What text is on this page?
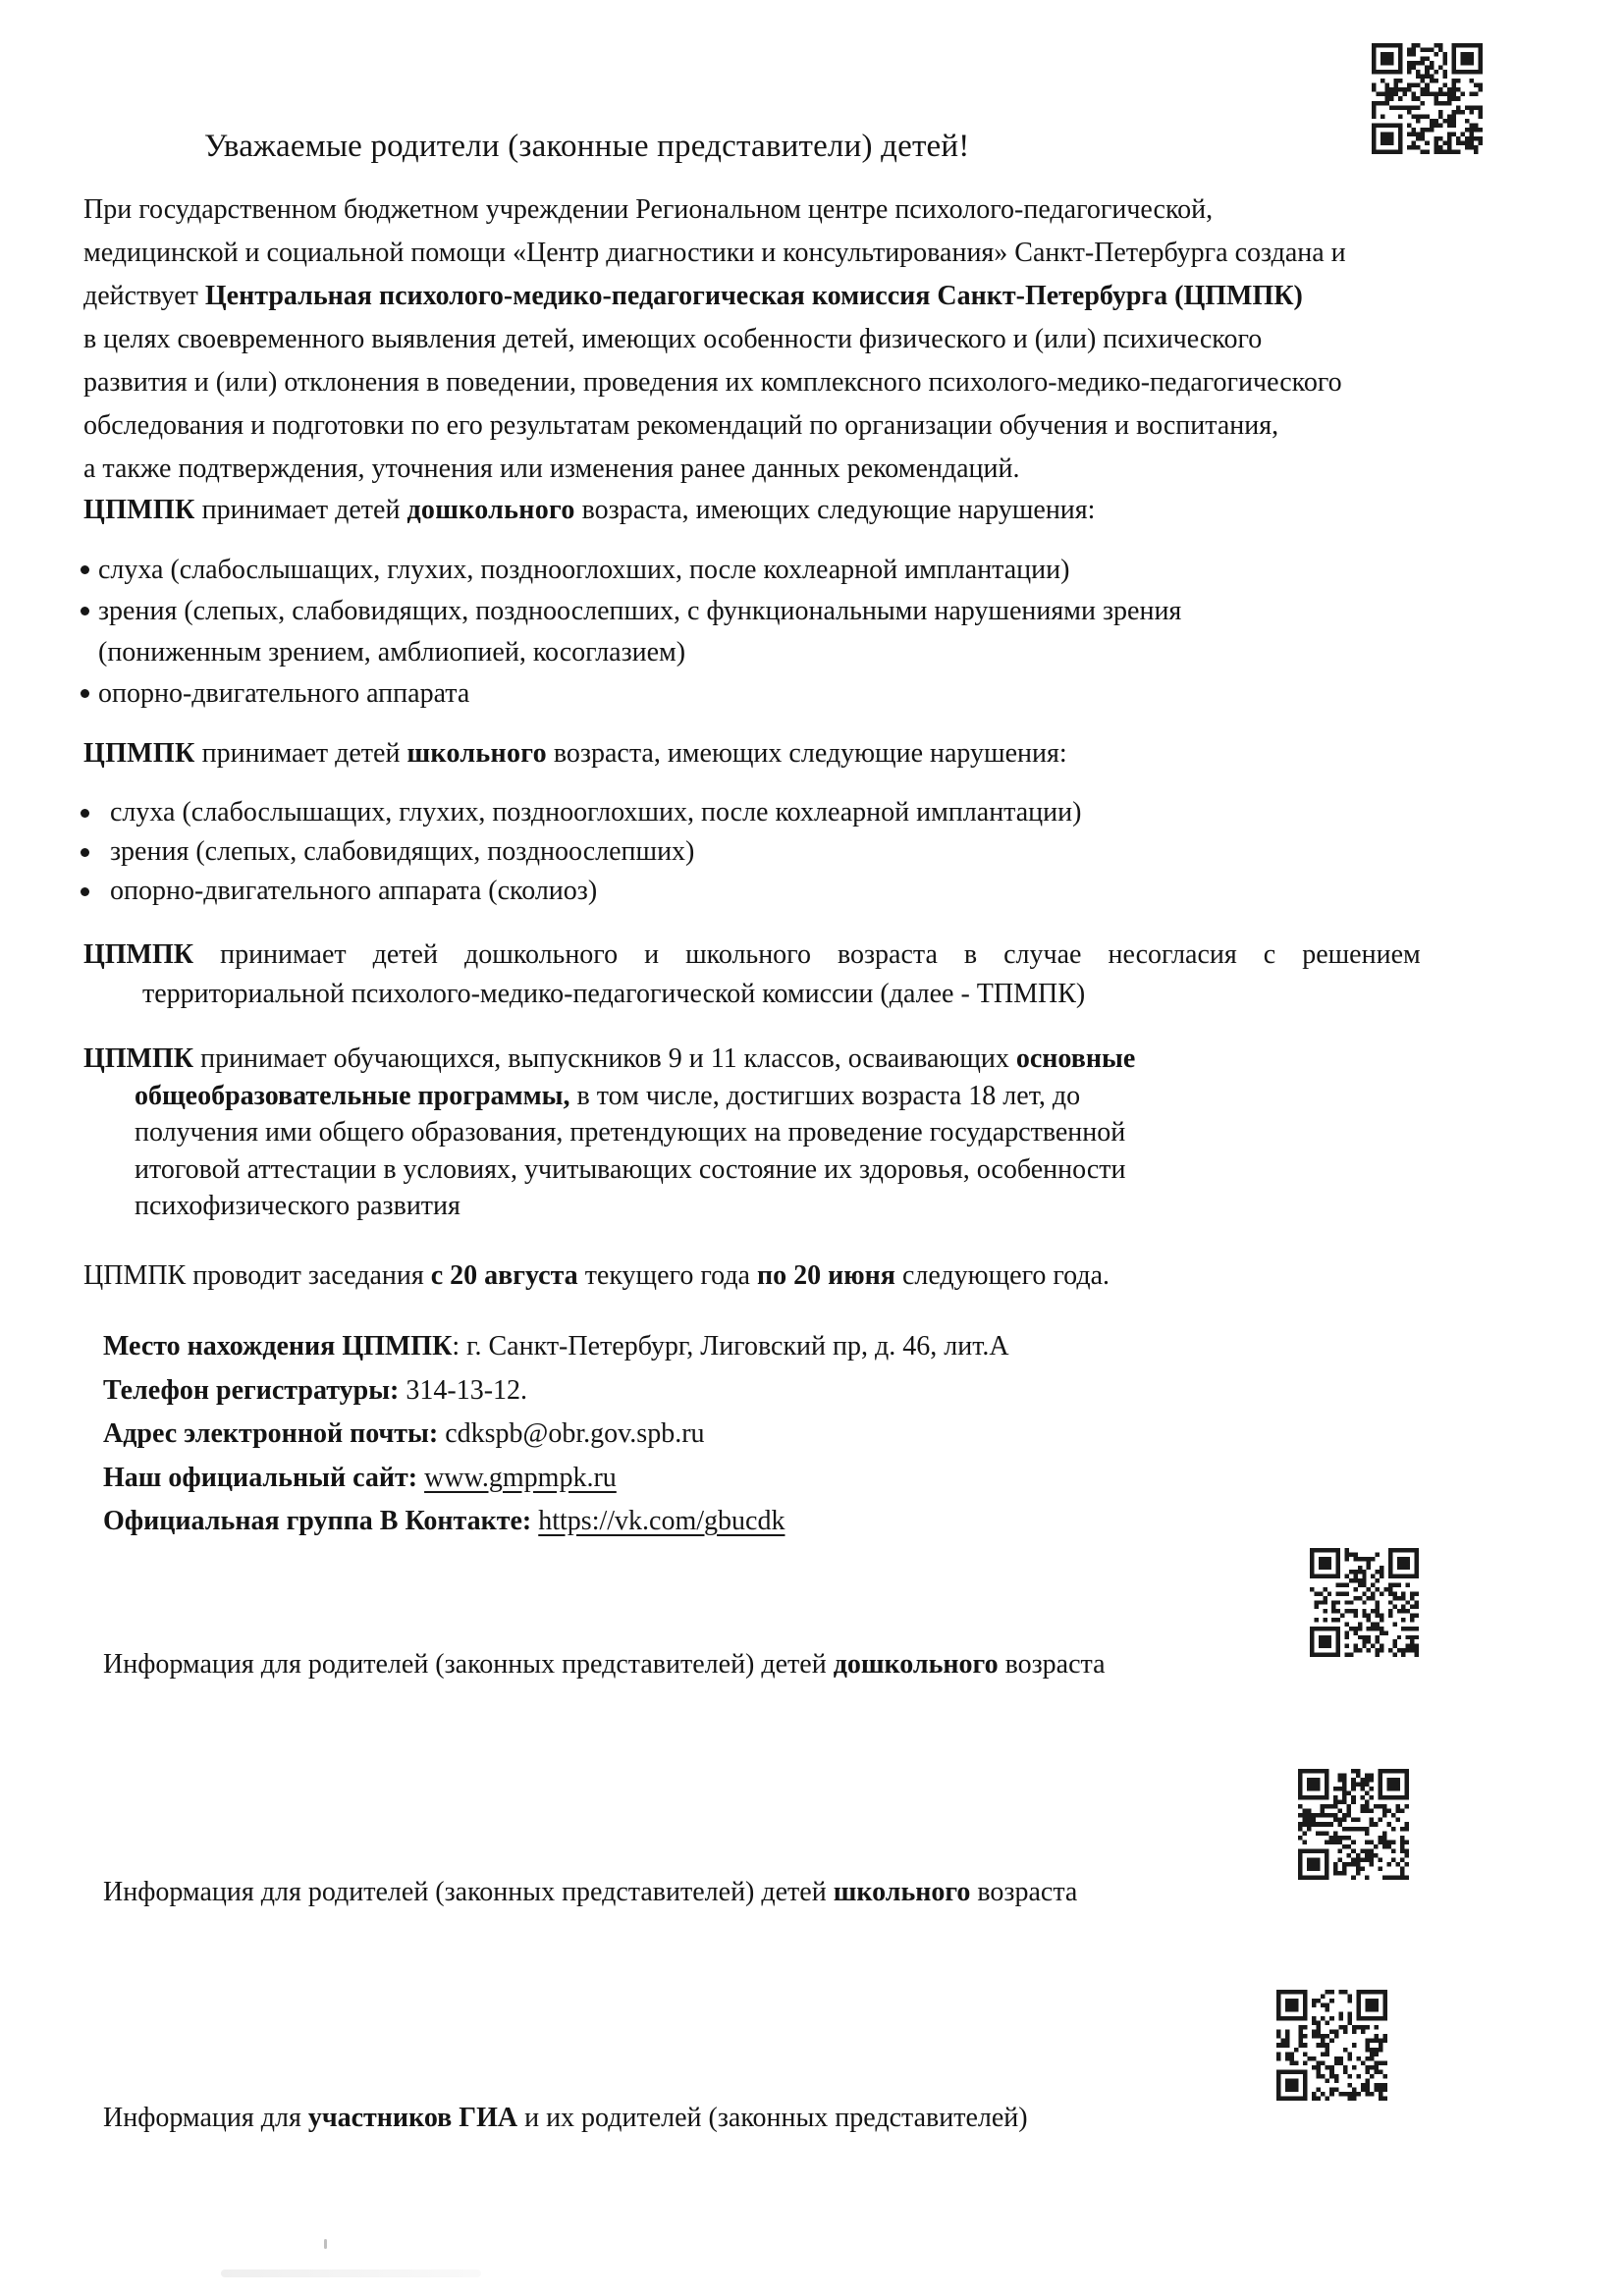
Уважаемые родители (законные представители) детей!
При государственном бюджетном учреждении Региональном центре психолого-педагогической,
медицинской и социальной помощи «Центр диагностики и консультирования» Санкт-Петербурга создана и
действует Центральная психолого-медико-педагогическая комиссия Санкт-Петербурга (ЦПМПК)
в целях своевременного выявления детей, имеющих особенности физического и (или) психического
развития и (или) отклонения в поведении, проведения их комплексного психолого-медико-педагогического
обследования и подготовки по его результатам рекомендаций по организации обучения и воспитания,
а также подтверждения, уточнения или изменения ранее данных рекомендаций.
ЦПМПК принимает детей дошкольного возраста, имеющих следующие нарушения:
слуха (слабослышащих, глухих, позднооглохших, после кохлеарной имплантации)
зрения (слепых, слабовидящих, поздноослепших, с функциональными нарушениями зрения
(пониженным зрением, амблиопией, косоглазием)
опорно-двигательного аппарата
ЦПМПК принимает детей школьного возраста, имеющих следующие нарушения:
слуха (слабослышащих, глухих, позднооглохших, после кохлеарной имплантации)
зрения (слепых, слабовидящих, поздноослепших)
опорно-двигательного аппарата (сколиоз)
ЦПМПК принимает детей дошкольного и школьного возраста в случае несогласия с решением
территориальной психолого-медико-педагогической комиссии (далее - ТПМПК)
ЦПМПК принимает обучающихся, выпускников 9 и 11 классов, осваивающих основные
общеобразовательные программы, в том числе, достигших возраста 18 лет, до
получения ими общего образования, претендующих на проведение государственной
итоговой аттестации в условиях, учитывающих состояние их здоровья, особенности
психофизического развития
ЦПМПК проводит заседания с 20 августа текущего года по 20 июня следующего года.
Место нахождения ЦПМПК: г. Санкт-Петербург, Лиговский пр, д. 46, лит.А
Телефон регистратуры: 314-13-12.
Адрес электронной почты: cdkspb@obr.gov.spb.ru
Наш официальный сайт: www.gmpmpk.ru
Официальная группа В Контакте: https://vk.com/gbucdk
Информация для родителей (законных представителей) детей дошкольного возраста
Информация для родителей (законных представителей) детей школьного возраста
Информация для участников ГИА и их родителей (законных представителей)
